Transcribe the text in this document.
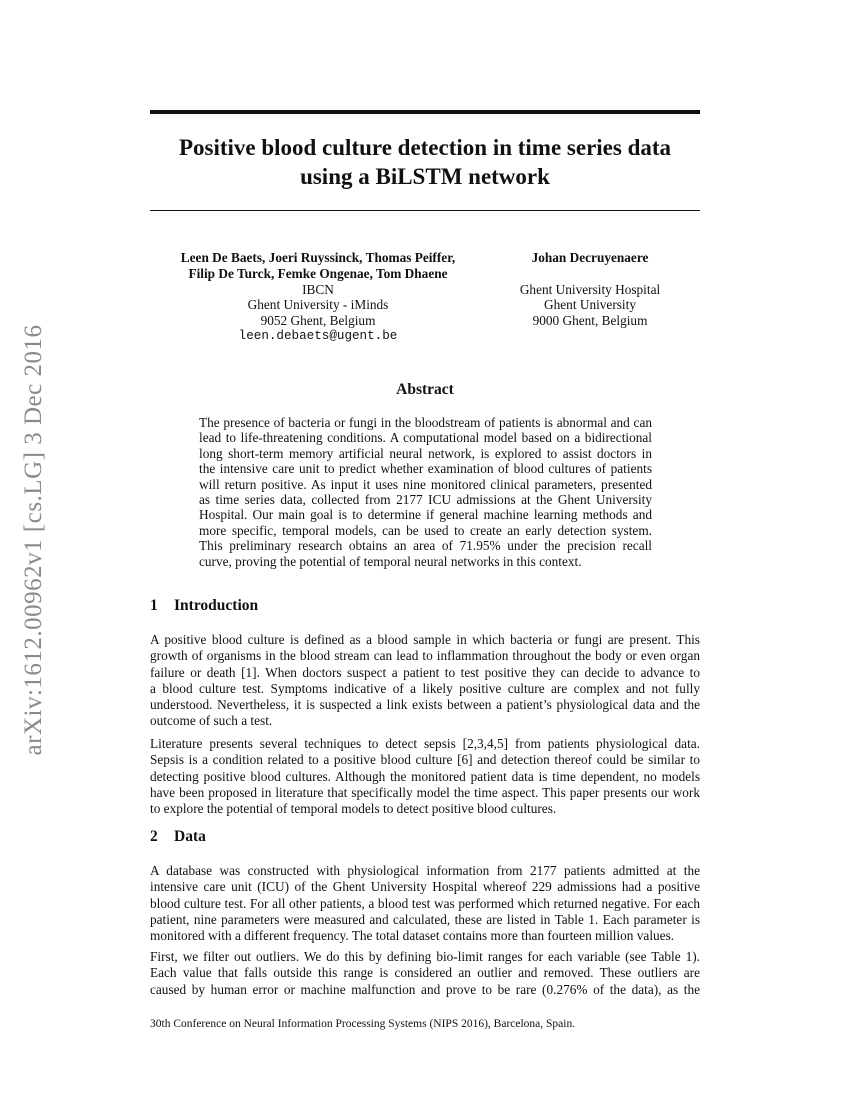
arXiv:1612.00962v1 [cs.LG] 3 Dec 2016
Positive blood culture detection in time series data
using a BiLSTM network
Leen De Baets, Joeri Ruyssinck, Thomas Peiffer,
Filip De Turck, Femke Ongenae, Tom Dhaene
IBCN
Ghent University - iMinds
9052 Ghent, Belgium
leen.debaets@ugent.be
Johan Decruyenaere
Ghent University Hospital
Ghent University
9000 Ghent, Belgium
Abstract
The presence of bacteria or fungi in the bloodstream of patients is abnormal and can
lead to life-threatening conditions. A computational model based on a bidirectional
long short-term memory artificial neural network, is explored to assist doctors in
the intensive care unit to predict whether examination of blood cultures of patients
will return positive. As input it uses nine monitored clinical parameters, presented
as time series data, collected from 2177 ICU admissions at the Ghent University
Hospital. Our main goal is to determine if general machine learning methods and
more specific, temporal models, can be used to create an early detection system.
This preliminary research obtains an area of 71.95% under the precision recall
curve, proving the potential of temporal neural networks in this context.
1 Introduction
A positive blood culture is defined as a blood sample in which bacteria or fungi are present. This
growth of organisms in the blood stream can lead to inflammation throughout the body or even organ
failure or death [1]. When doctors suspect a patient to test positive they can decide to advance to
a blood culture test. Symptoms indicative of a likely positive culture are complex and not fully
understood. Nevertheless, it is suspected a link exists between a patient’s physiological data and the
outcome of such a test.
Literature presents several techniques to detect sepsis [2,3,4,5] from patients physiological data.
Sepsis is a condition related to a positive blood culture [6] and detection thereof could be similar to
detecting positive blood cultures. Although the monitored patient data is time dependent, no models
have been proposed in literature that specifically model the time aspect. This paper presents our work
to explore the potential of temporal models to detect positive blood cultures.
2 Data
A database was constructed with physiological information from 2177 patients admitted at the
intensive care unit (ICU) of the Ghent University Hospital whereof 229 admissions had a positive
blood culture test. For all other patients, a blood test was performed which returned negative. For each
patient, nine parameters were measured and calculated, these are listed in Table 1. Each parameter is
monitored with a different frequency. The total dataset contains more than fourteen million values.
First, we filter out outliers. We do this by defining bio-limit ranges for each variable (see Table 1).
Each value that falls outside this range is considered an outlier and removed. These outliers are
caused by human error or machine malfunction and prove to be rare (0.276% of the data), as the
30th Conference on Neural Information Processing Systems (NIPS 2016), Barcelona, Spain.
